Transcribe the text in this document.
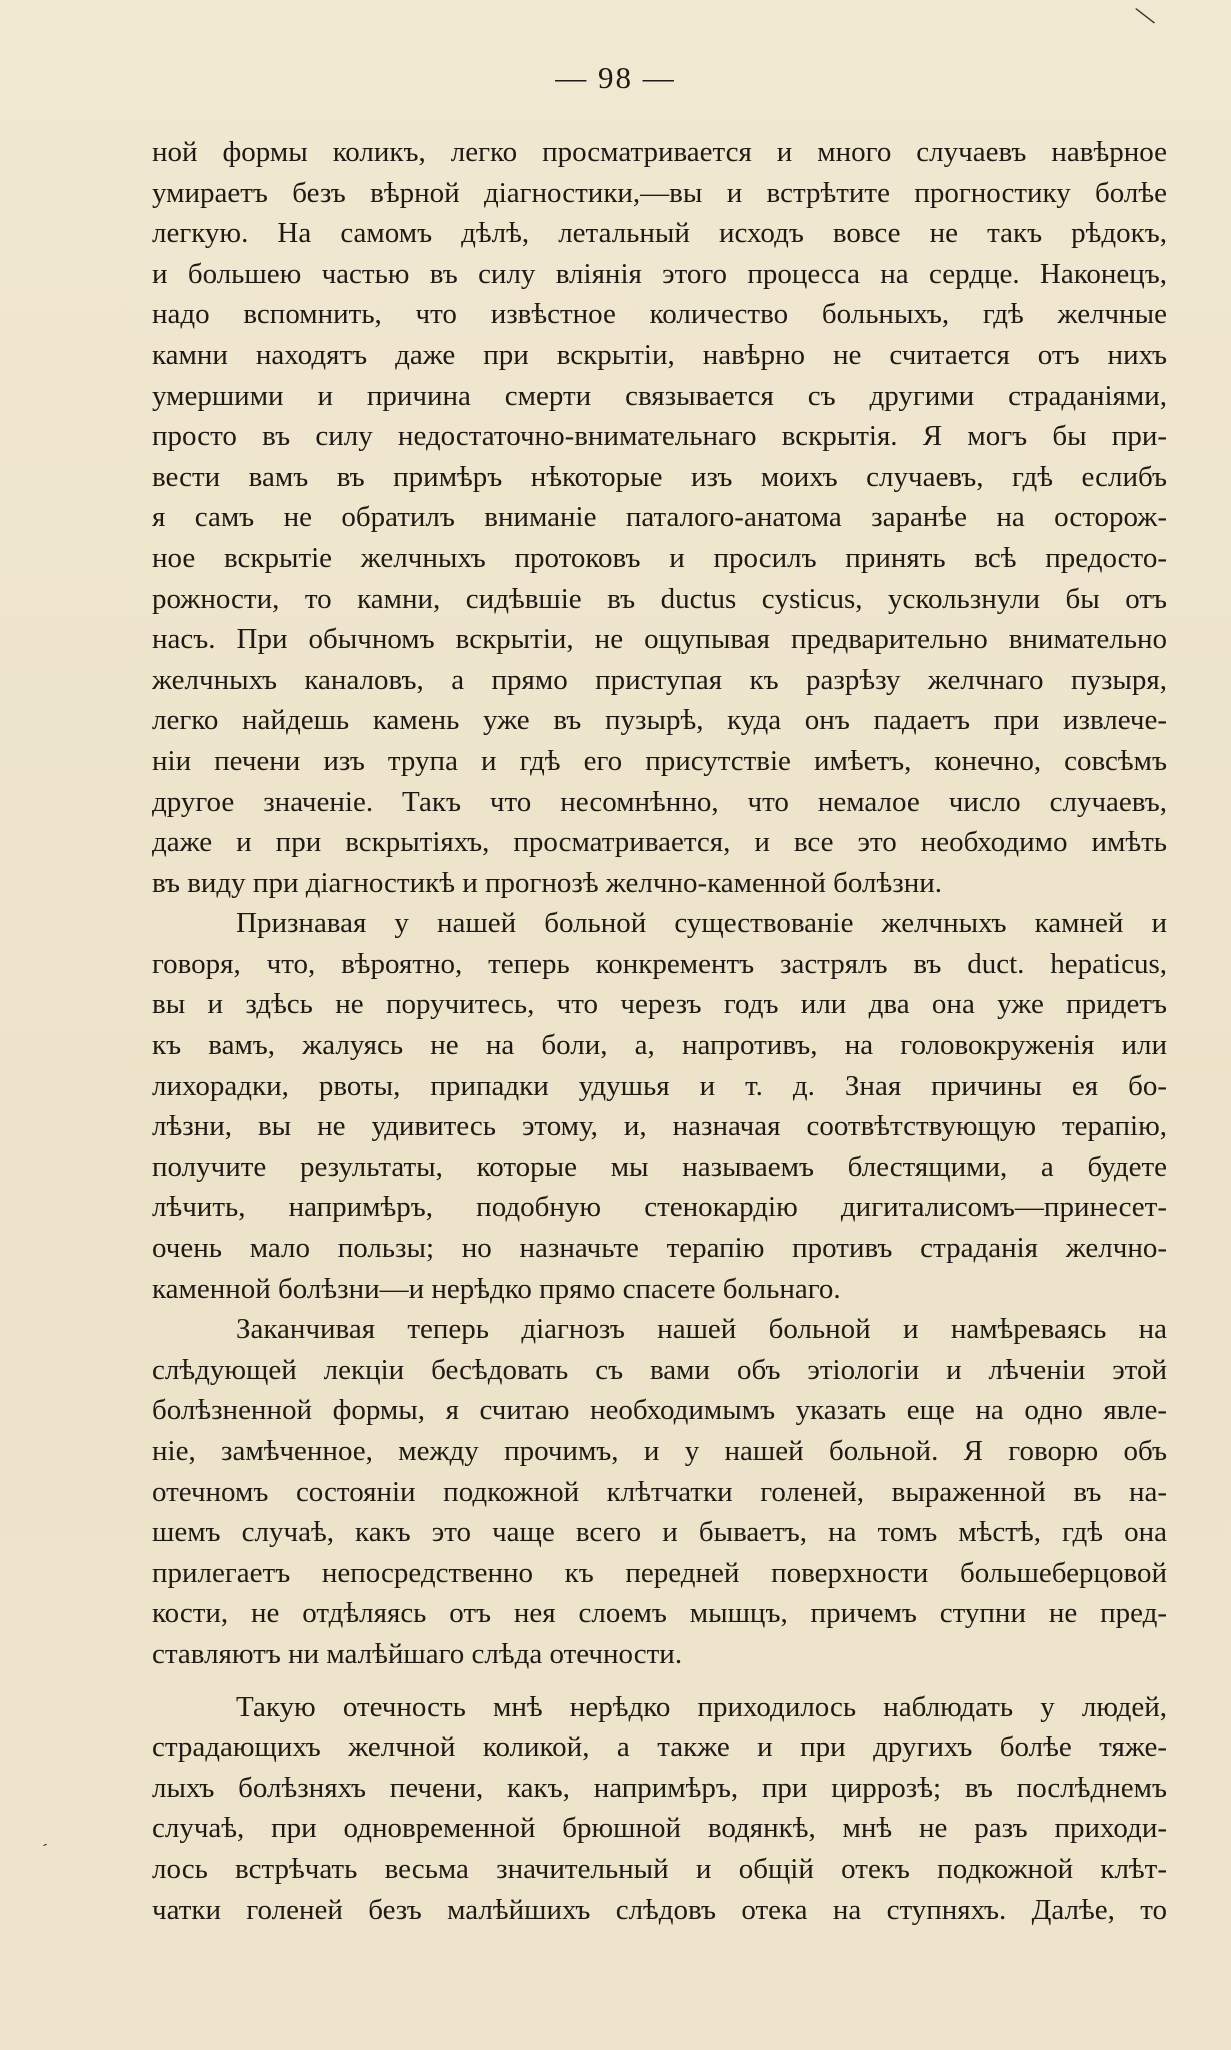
╲
— 98 —
ной формы коликъ, легко просматривается и много случаевъ навѣрное
умираетъ безъ вѣрной діагностики,—вы и встрѣтите прогностику болѣе
легкую. На самомъ дѣлѣ, летальный исходъ вовсе не такъ рѣдокъ,
и большею частью въ силу вліянія этого процесса на сердце. Наконецъ,
надо вспомнить, что извѣстное количество больныхъ, гдѣ желчные
камни находятъ даже при вскрытіи, навѣрно не считается отъ нихъ
умершими и причина смерти связывается съ другими страданіями,
просто въ силу недостаточно-внимательнаго вскрытія. Я могъ бы при-
вести вамъ въ примѣръ нѣкоторые изъ моихъ случаевъ, гдѣ еслибъ
я самъ не обратилъ вниманіе паталого-анатома заранѣе на осторож-
ное вскрытіе желчныхъ протоковъ и просилъ принять всѣ предосто-
рожности, то камни, сидѣвшіе въ ductus cysticus, ускользнули бы отъ
насъ. При обычномъ вскрытіи, не ощупывая предварительно внимательно
желчныхъ каналовъ, а прямо приступая къ разрѣзу желчнаго пузыря,
легко найдешь камень уже въ пузырѣ, куда онъ падаетъ при извлече-
ніи печени изъ трупа и гдѣ его присутствіе имѣетъ, конечно, совсѣмъ
другое значеніе. Такъ что несомнѣнно, что немалое число случаевъ,
даже и при вскрытіяхъ, просматривается, и все это необходимо имѣть
въ виду при діагностикѣ и прогнозѣ желчно-каменной болѣзни.
Признавая у нашей больной существованіе желчныхъ камней и
говоря, что, вѣроятно, теперь конкрементъ застрялъ въ duct. hepaticus,
вы и здѣсь не поручитесь, что черезъ годъ или два она уже придетъ
къ вамъ, жалуясь не на боли, а, напротивъ, на головокруженія или
лихорадки, рвоты, припадки удушья и т. д. Зная причины ея бо-
лѣзни, вы не удивитесь этому, и, назначая соотвѣтствующую терапію,
получите результаты, которые мы называемъ блестящими, а будете
лѣчить, напримѣръ, подобную стенокардію дигиталисомъ—принесет-
очень мало пользы; но назначьте терапію противъ страданія желчно-
каменной болѣзни—и нерѣдко прямо спасете больнаго.
Заканчивая теперь діагнозъ нашей больной и намѣреваясь на
слѣдующей лекціи бесѣдовать съ вами объ этіологіи и лѣченіи этой
болѣзненной формы, я считаю необходимымъ указать еще на одно явле-
ніе, замѣченное, между прочимъ, и у нашей больной. Я говорю объ
отечномъ состояніи подкожной клѣтчатки голеней, выраженной въ на-
шемъ случаѣ, какъ это чаще всего и бываетъ, на томъ мѣстѣ, гдѣ она
прилегаетъ непосредственно къ передней поверхности большеберцовой
кости, не отдѣляясь отъ нея слоемъ мышцъ, причемъ ступни не пред-
ставляютъ ни малѣйшаго слѣда отечности.
Такую отечность мнѣ нерѣдко приходилось наблюдать у людей,
страдающихъ желчной коликой, а также и при другихъ болѣе тяже-
лыхъ болѣзняхъ печени, какъ, напримѣръ, при циррозѣ; въ послѣднемъ
случаѣ, при одновременной брюшной водянкѣ, мнѣ не разъ приходи-
лось встрѣчать весьма значительный и общій отекъ подкожной клѣт-
чатки голеней безъ малѣйшихъ слѣдовъ отека на ступняхъ. Далѣе, то
ˊ
